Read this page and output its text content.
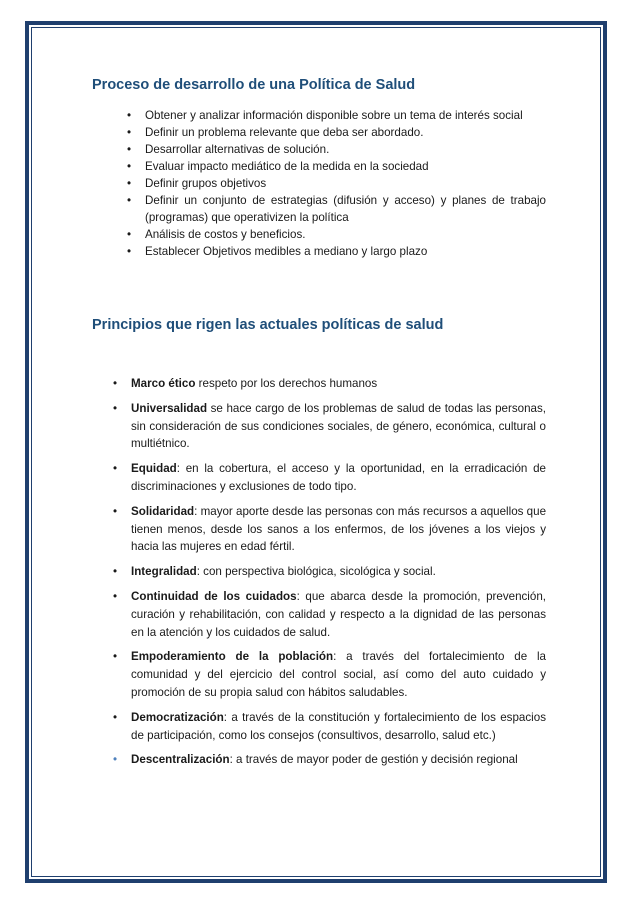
Proceso de desarrollo de una Política de Salud
• Obtener y analizar información disponible sobre un tema de interés social
• Definir un problema relevante que deba ser abordado.
• Desarrollar alternativas de solución.
• Evaluar impacto mediático de la medida en la sociedad
• Definir grupos objetivos
• Definir un conjunto de estrategias (difusión y acceso) y planes de trabajo (programas) que operativizen la política
• Análisis de costos y beneficios.
• Establecer Objetivos medibles a mediano y largo plazo
Principios que rigen las actuales políticas de salud
• Marco ético respeto por los derechos humanos
• Universalidad se hace cargo de los problemas de salud de todas las personas, sin consideración de sus condiciones sociales, de género, económica, cultural o multiétnico.
• Equidad: en la cobertura, el acceso y la oportunidad, en la erradicación de discriminaciones y exclusiones de todo tipo.
• Solidaridad: mayor aporte desde las personas con más recursos a aquellos que tienen menos, desde los sanos a los enfermos, de los jóvenes a los viejos y hacia las mujeres en edad fértil.
• Integralidad: con perspectiva biológica, sicológica y social.
• Continuidad de los cuidados: que abarca desde la promoción, prevención, curación y rehabilitación, con calidad y respecto a la dignidad de las personas en la atención y los cuidados de salud.
• Empoderamiento de la población: a través del fortalecimiento de la comunidad y del ejercicio del control social, así como del auto cuidado y promoción de su propia salud con hábitos saludables.
• Democratización: a través de la constitución y fortalecimiento de los espacios de participación, como los consejos (consultivos, desarrollo, salud etc.)
• Descentralización: a través de mayor poder de gestión y decisión regional
